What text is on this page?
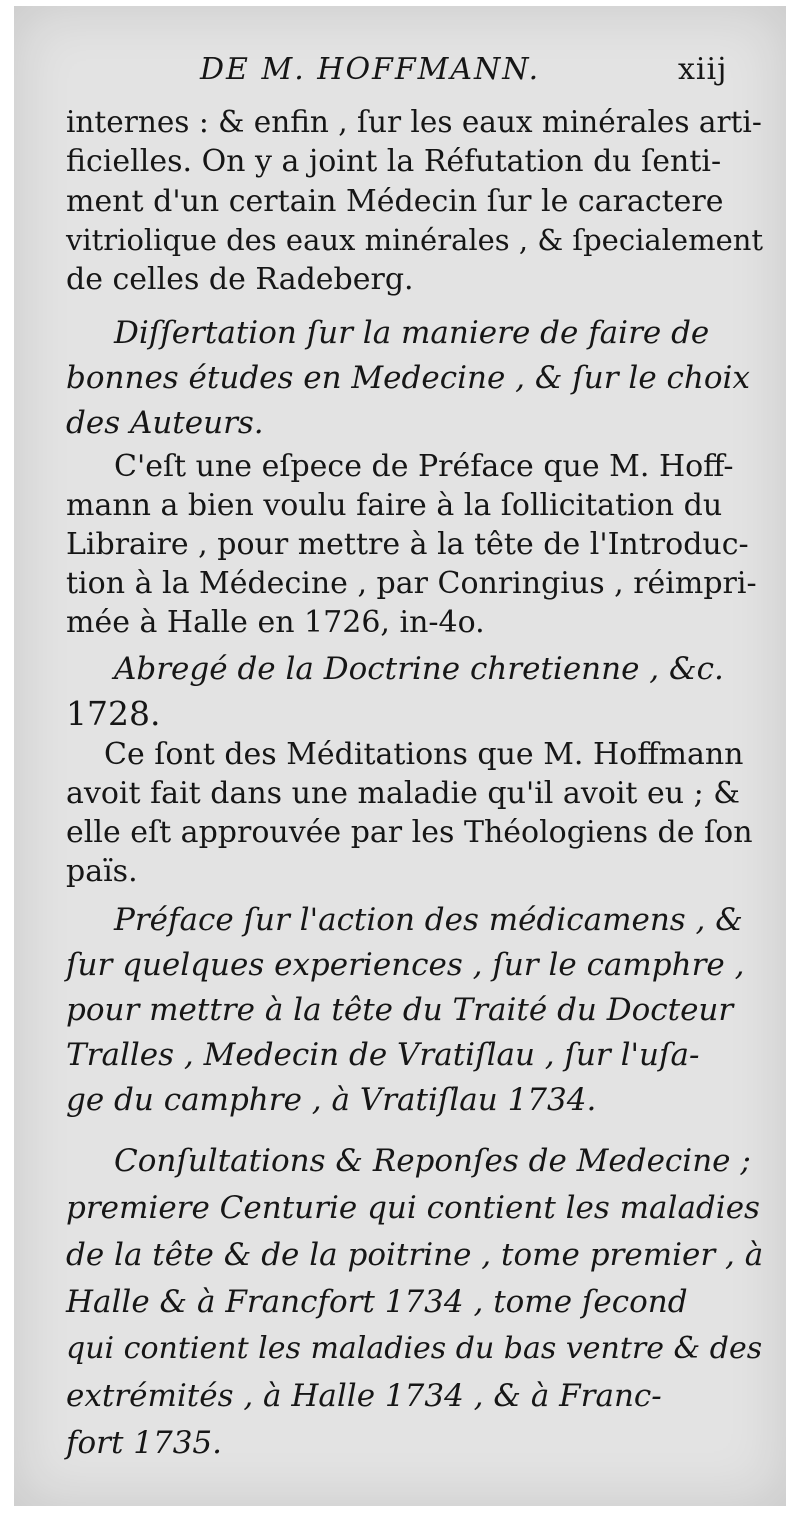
DE M. HOFFMANN.	xiij
internes : & enfin , ſur les eaux minérales arti-
ficielles. On y a joint la Réfutation du ſenti-
ment d'un certain Médecin ſur le caractere
vitriolique des eaux minérales , & ſpecialement
de celles de Radeberg.
Diſſertation ſur la maniere de faire de
bonnes études en Medecine , & ſur le choix
des Auteurs.
C'eſt une eſpece de Préface que M. Hoff-
mann a bien voulu faire à la ſollicitation du
Libraire , pour mettre à la tête de l'Introduc-
tion à la Médecine , par Conringius , réimpri-
mée à Halle en 1726, in-4o.
Abregé de la Doctrine chretienne , &c.
1728.
Ce ſont des Méditations que M. Hoffmann
avoit fait dans une maladie qu'il avoit eu ; &
elle eſt approuvée par les Théologiens de ſon
païs.
Préface ſur l'action des médicamens , &
ſur quelques experiences , ſur le camphre ,
pour mettre à la tête du Traité du Docteur
Tralles , Medecin de Vratiſlau , ſur l'uſa-
ge du camphre , à Vratiſlau 1734.
Conſultations & Reponſes de Medecine ;
premiere Centurie qui contient les maladies
de la tête & de la poitrine , tome premier , à
Halle & à Francfort 1734 , tome ſecond
qui contient les maladies du bas ventre & des
extrémités , à Halle 1734 , & à Franc-
fort 1735.
